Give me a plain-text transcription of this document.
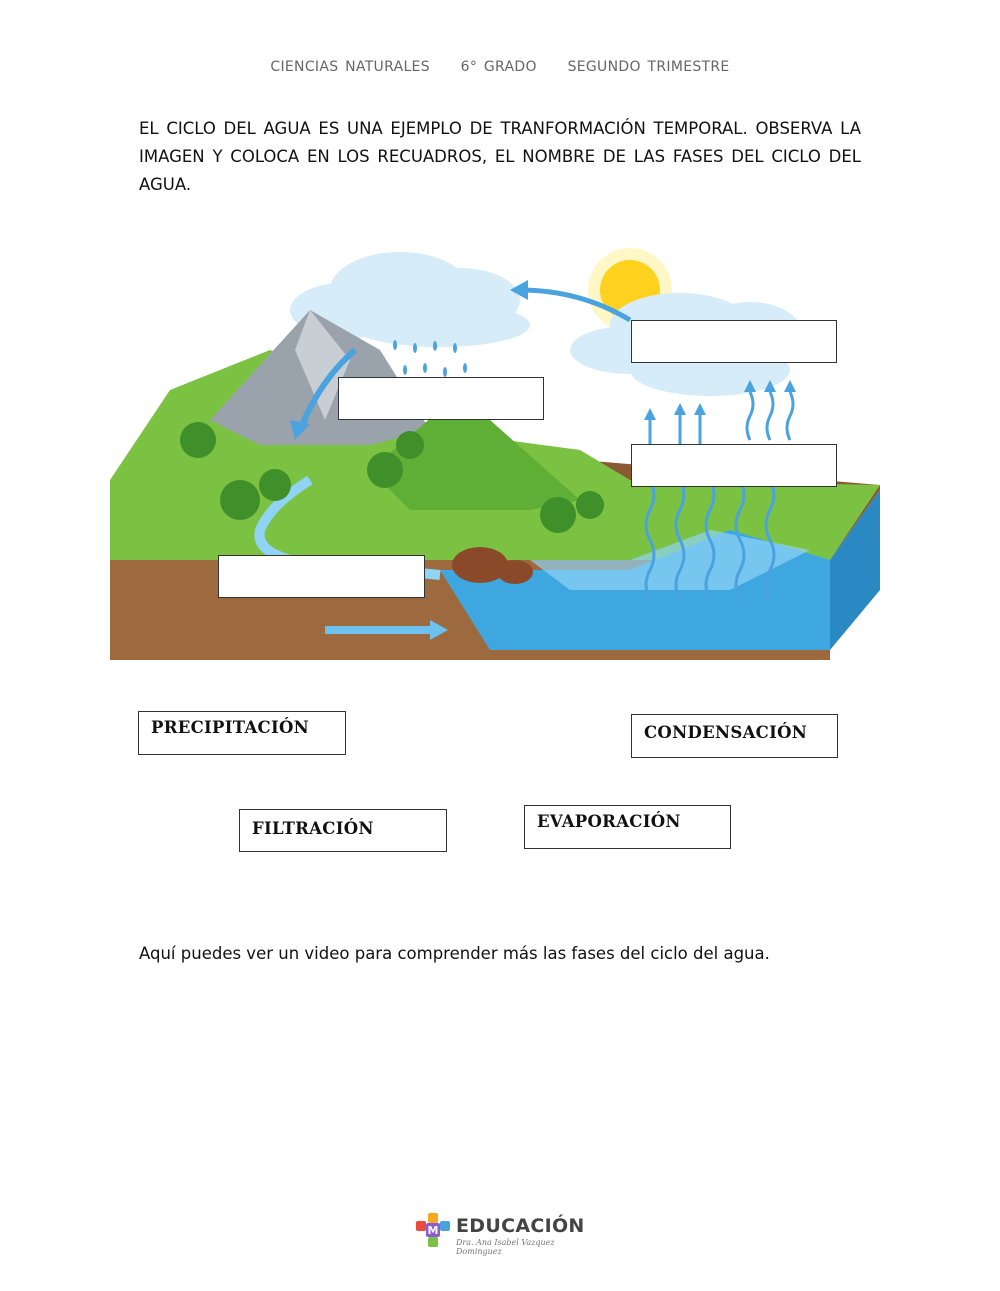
CIENCIAS NATURALES 6° GRADO SEGUNDO TRIMESTRE
EL CICLO DEL AGUA ES UNA EJEMPLO DE TRANFORMACIÓN TEMPORAL. OBSERVA LA IMAGEN Y COLOCA EN LOS RECUADROS, EL NOMBRE DE LAS FASES DEL CICLO DEL AGUA.
PRECIPITACIÓN	CONDENSACIÓN
FILTRACIÓN	EVAPORACIÓN
Aquí puedes ver un video para comprender más las fases del ciclo del agua.
M EDUCACIÓN
Dra. Ana Isabel Vazquez Dominguez
